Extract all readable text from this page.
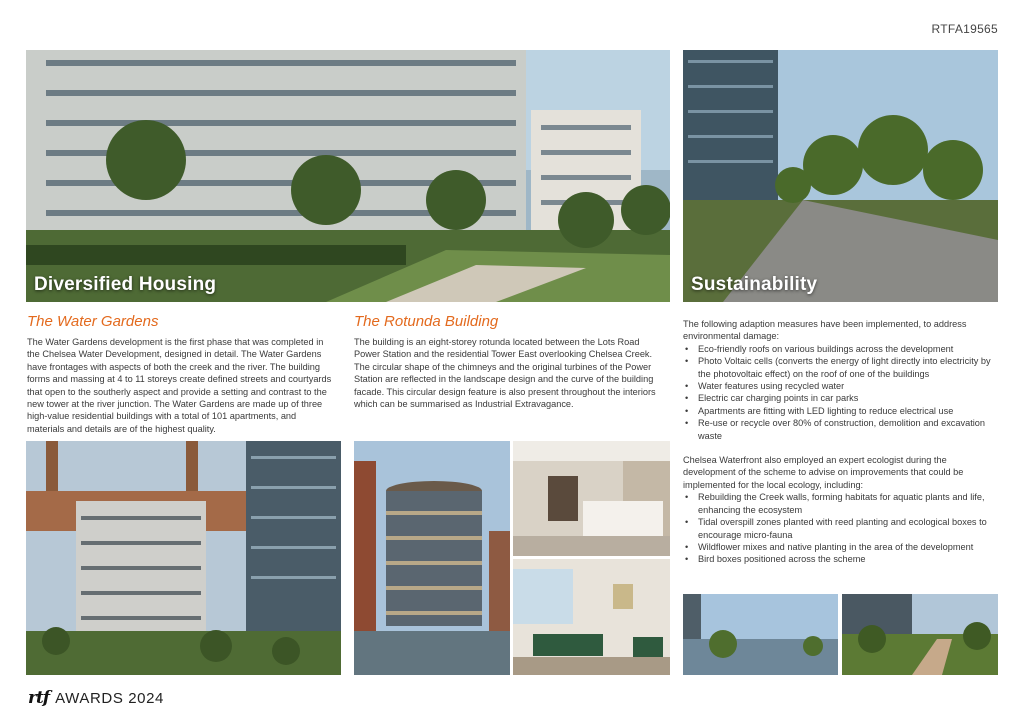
RTFA19565
Diversified Housing	Sustainability
The Water Gardens
The Water Gardens development is the first phase that was completed in the Chelsea Water Development, designed in detail. The Water Gardens have frontages with aspects of both the creek and the river. The building forms and massing at 4 to 11 storeys create defined streets and courtyards that open to the southerly aspect and provide a setting and contrast to the new tower at the river junction. The Water Gardens are made up of three high-value residential buildings with a total of 101 apartments, and materials and details are of the highest quality.
The Rotunda Building
The building is an eight-storey rotunda located between the Lots Road Power Station and the residential Tower East overlooking Chelsea Creek. The circular shape of the chimneys and the original turbines of the Power Station are reflected in the landscape design and the curve of the building facade. This circular design feature is also present throughout the interiors which can be summarised as Industrial Extravagance.
The following adaption measures have been implemented, to address environmental damage:
• Eco-friendly roofs on various buildings across the development
• Photo Voltaic cells (converts the energy of light directly into electricity by the photovoltaic effect) on the roof of one of the buildings
• Water features using recycled water
• Electric car charging points in car parks
• Apartments are fitting with LED lighting to reduce electrical use
• Re-use or recycle over 80% of construction, demolition and excavation waste
Chelsea Waterfront also employed an expert ecologist during the development of the scheme to advise on improvements that could be implemented for the local ecology, including:
• Rebuilding the Creek walls, forming habitats for aquatic plants and life, enhancing the ecosystem
• Tidal overspill zones planted with reed planting and ecological boxes to encourage micro-fauna
• Wildflower mixes and native planting in the area of the development
• Bird boxes positioned across the scheme
rtf AWARDS 2024
